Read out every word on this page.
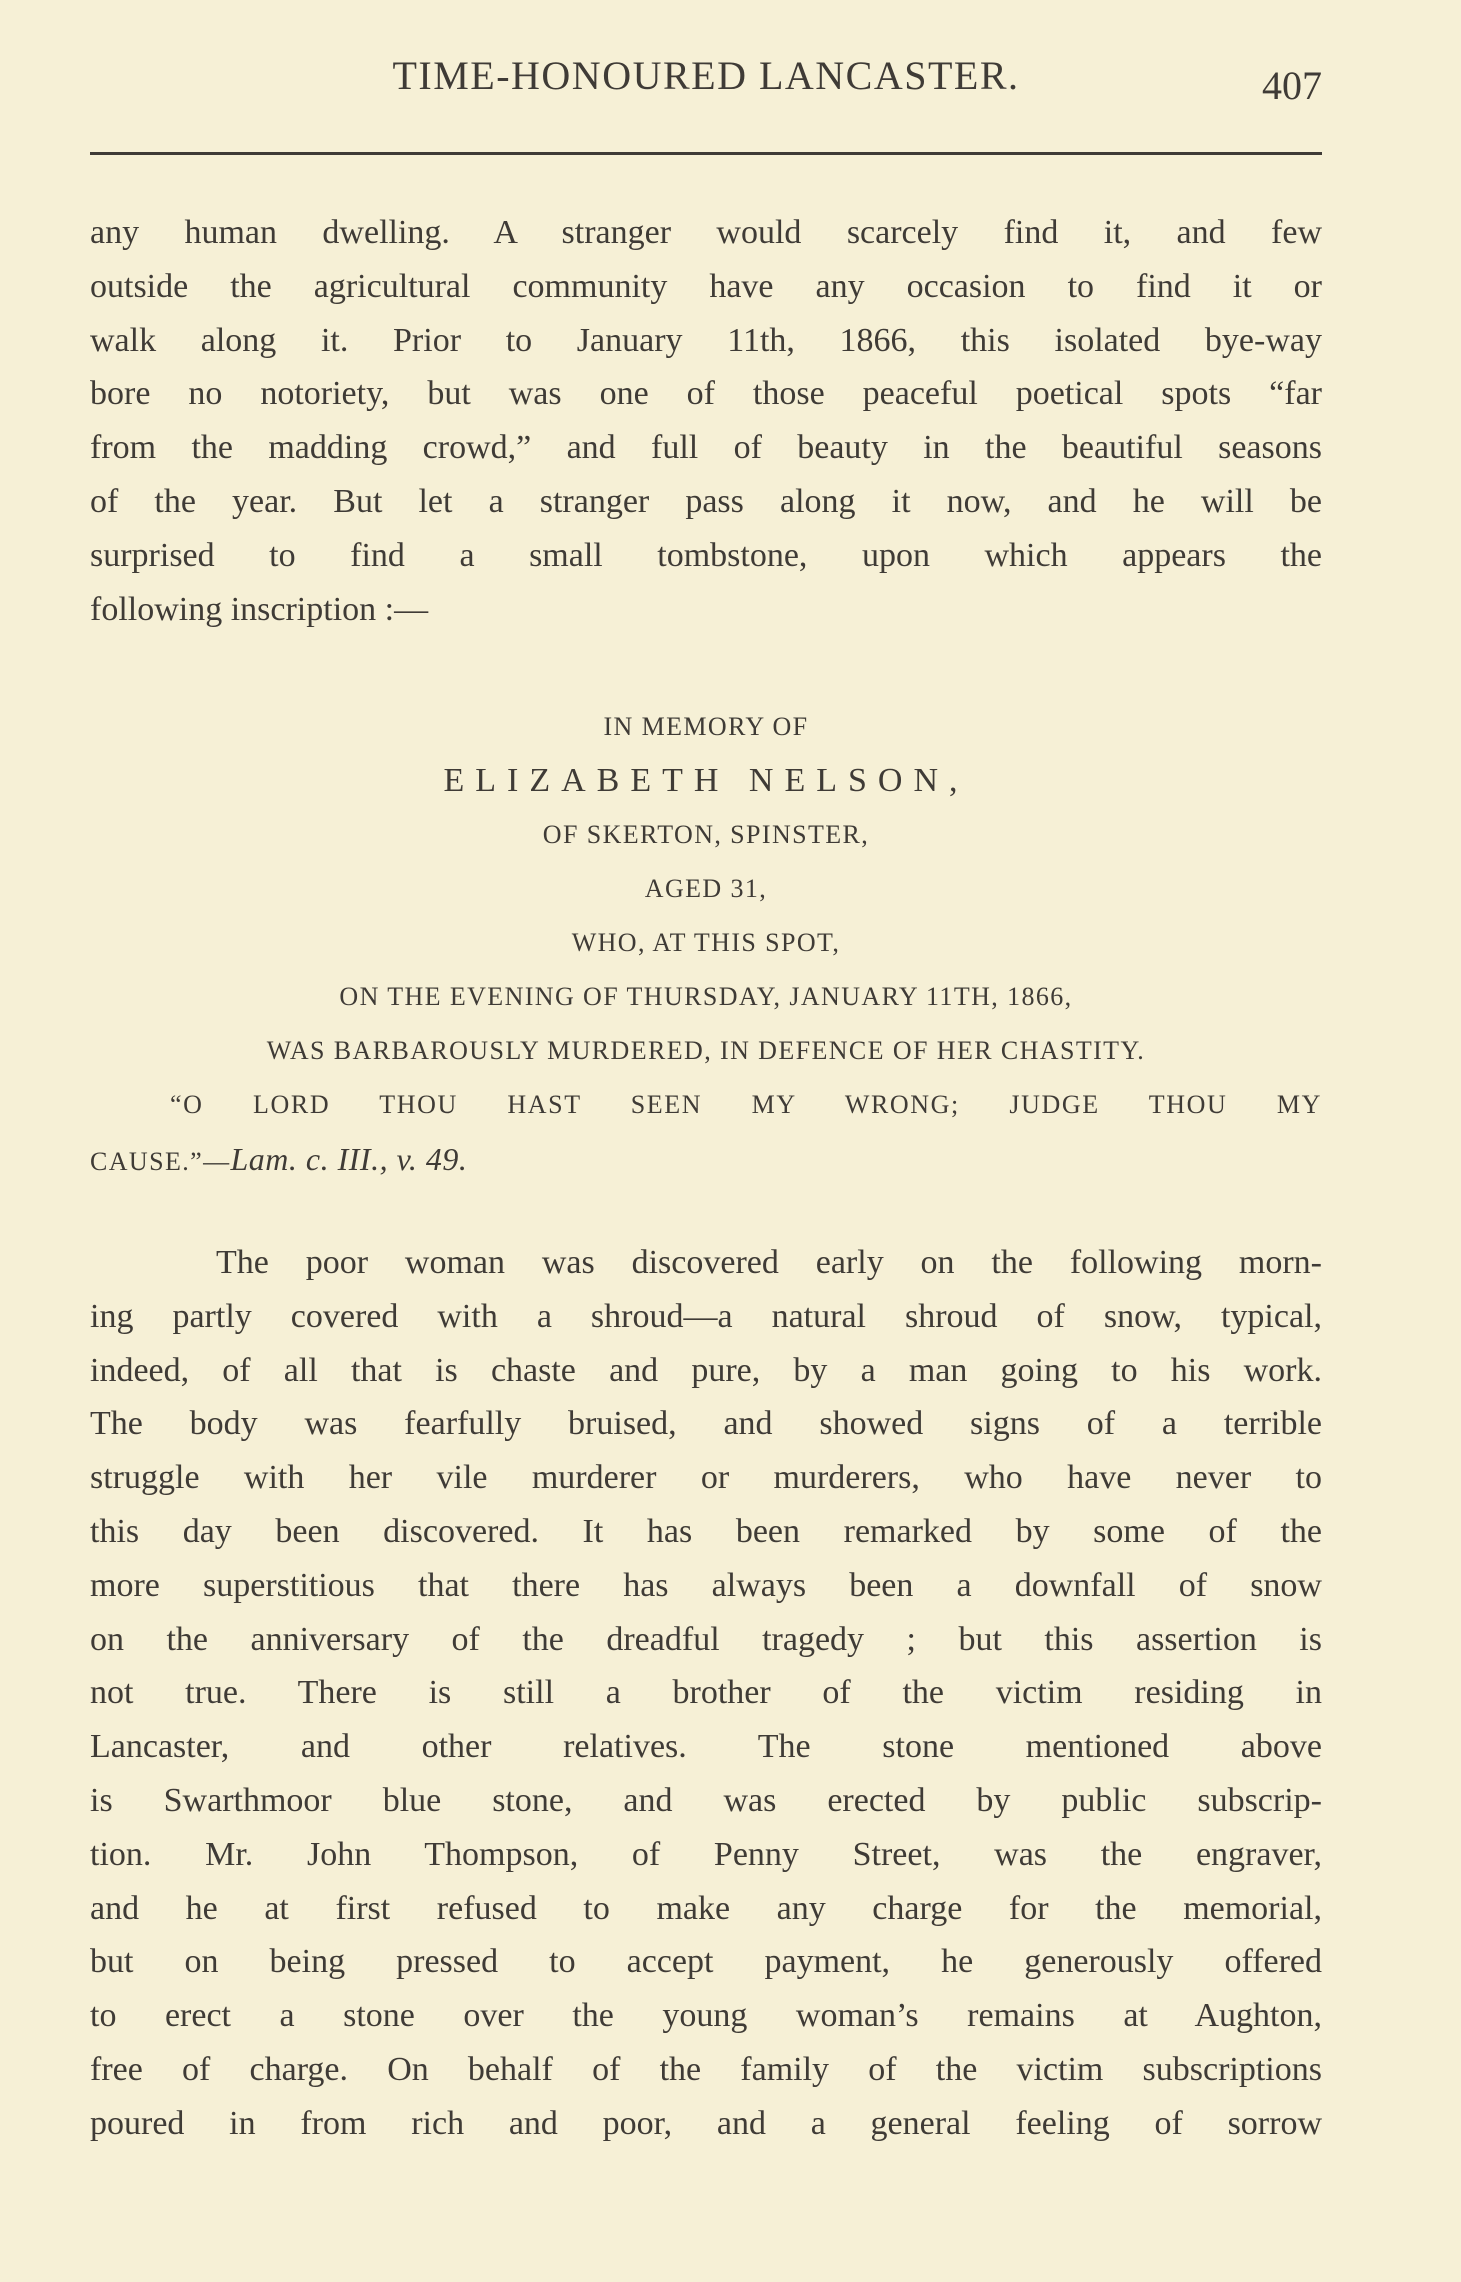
TIME-HONOURED LANCASTER.	407
any human dwelling. A stranger would scarcely find it, and few
outside the agricultural community have any occasion to find it or
walk along it. Prior to January 11th, 1866, this isolated bye-way
bore no notoriety, but was one of those peaceful poetical spots “far
from the madding crowd,” and full of beauty in the beautiful seasons
of the year. But let a stranger pass along it now, and he will be
surprised to find a small tombstone, upon which appears the
following inscription :—
IN MEMORY OF
ELIZABETH NELSON,
OF SKERTON, SPINSTER,
AGED 31,
WHO, AT THIS SPOT,
ON THE EVENING OF THURSDAY, JANUARY 11TH, 1866,
WAS BARBAROUSLY MURDERED, IN DEFENCE OF HER CHASTITY.
“O LORD THOU HAST SEEN MY WRONG; JUDGE THOU MY
CAUSE.”—Lam. c. III., v. 49.
The poor woman was discovered early on the following morn-
ing partly covered with a shroud—a natural shroud of snow, typical,
indeed, of all that is chaste and pure, by a man going to his work.
The body was fearfully bruised, and showed signs of a terrible
struggle with her vile murderer or murderers, who have never to
this day been discovered. It has been remarked by some of the
more superstitious that there has always been a downfall of snow
on the anniversary of the dreadful tragedy ; but this assertion is
not true. There is still a brother of the victim residing in
Lancaster, and other relatives. The stone mentioned above
is Swarthmoor blue stone, and was erected by public subscrip-
tion. Mr. John Thompson, of Penny Street, was the engraver,
and he at first refused to make any charge for the memorial,
but on being pressed to accept payment, he generously offered
to erect a stone over the young woman’s remains at Aughton,
free of charge. On behalf of the family of the victim subscriptions
poured in from rich and poor, and a general feeling of sorrow
